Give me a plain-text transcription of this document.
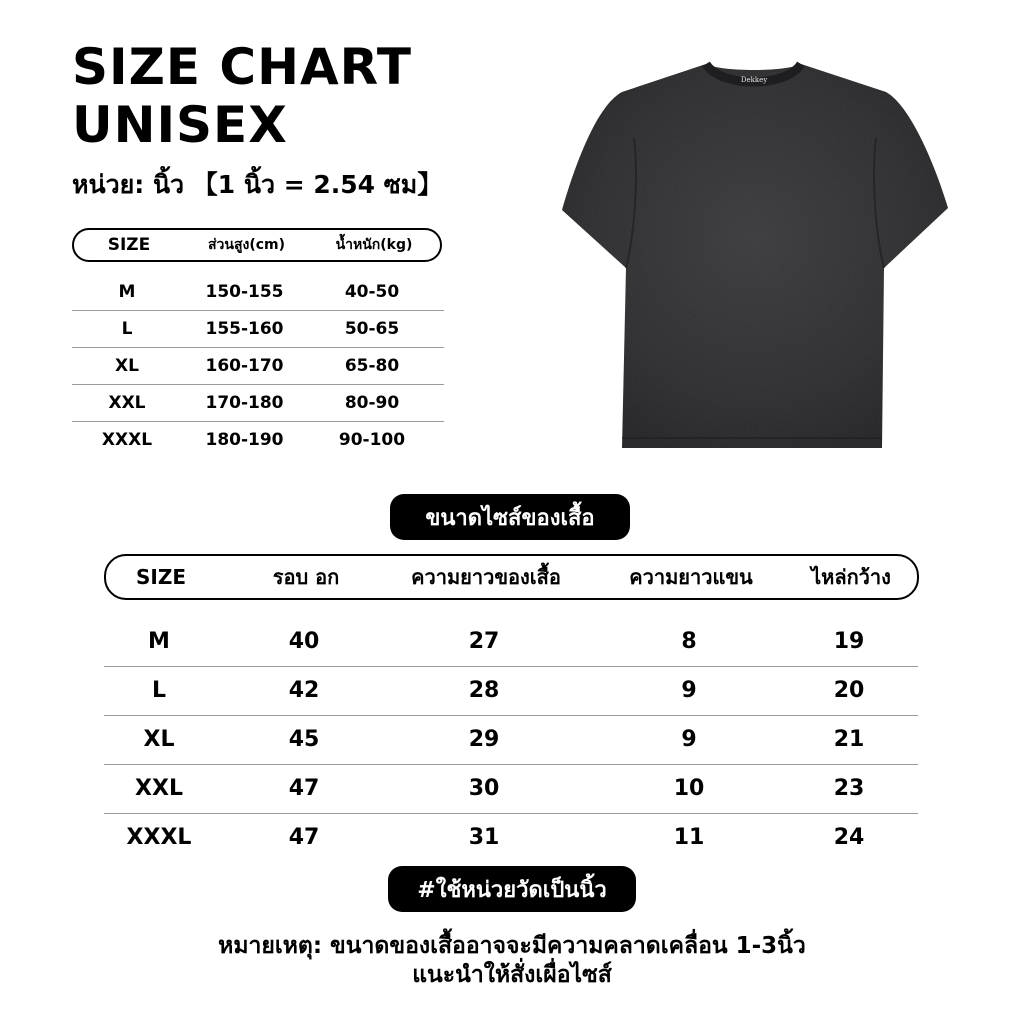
SIZE CHART
UNISEX
หน่วย: นิ้ว 【1 นิ้ว = 2.54 ซม】
SIZE	ส่วนสูง(cm)	น้ำหนัก(kg)
M	150-155	40-50
L	155-160	50-65
XL	160-170	65-80
XXL	170-180	80-90
XXXL	180-190	90-100
Dekkey
ขนาดไซส์ของเสื้อ
SIZE	รอบ อก	ความยาวของเสื้อ	ความยาวแขน	ไหล่กว้าง
M	40	27	8	19
L	42	28	9	20
XL	45	29	9	21
XXL	47	30	10	23
XXXL	47	31	11	24
#ใช้หน่วยวัดเป็นนิ้ว
หมายเหตุ: ขนาดของเสื้ออาจจะมีความคลาดเคลื่อน 1-3นิ้ว
แนะนำให้สั่งเผื่อไซส์
